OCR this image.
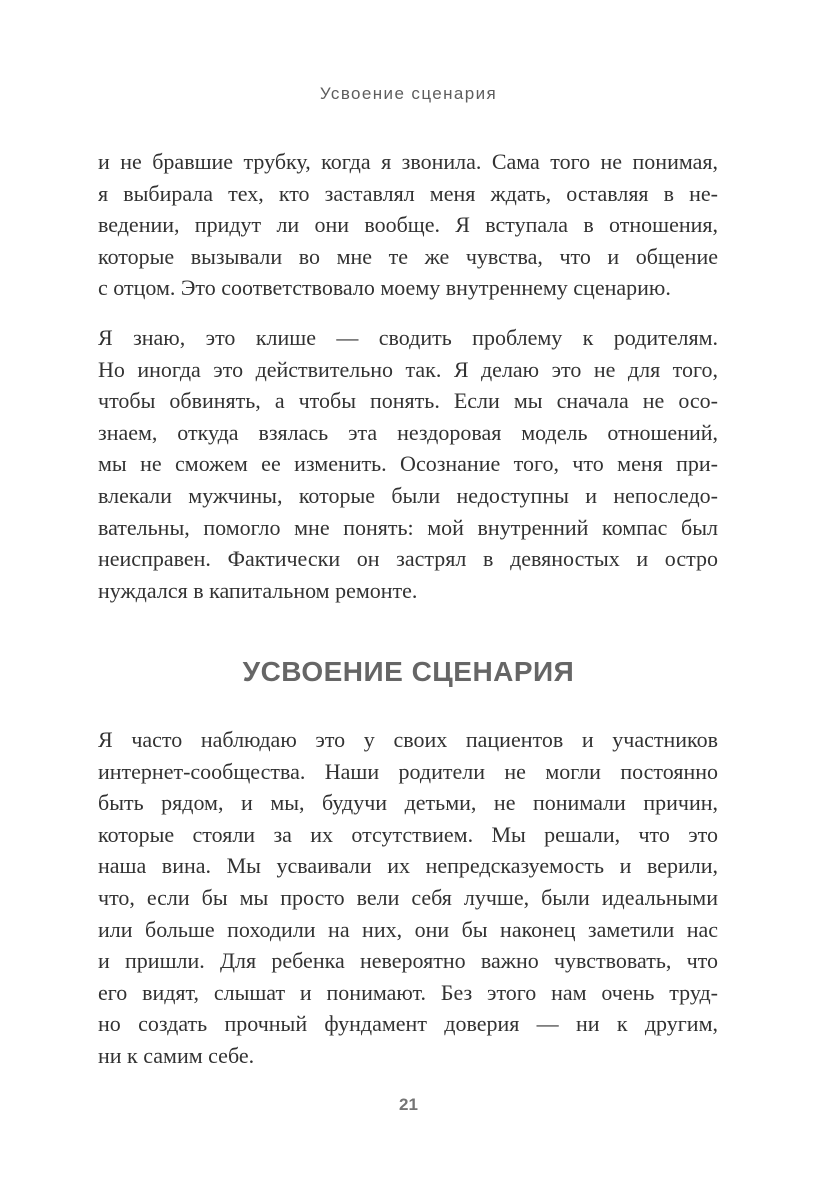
Усвоение сценария
и не бравшие трубку, когда я звонила. Сама того не понимая,
я выбирала тех, кто заставлял меня ждать, оставляя в не-
ведении, придут ли они вообще. Я вступала в отношения,
которые вызывали во мне те же чувства, что и общение
с отцом. Это соответствовало моему внутреннему сценарию.
Я знаю, это клише — сводить проблему к родителям.
Но иногда это действительно так. Я делаю это не для того,
чтобы обвинять, а чтобы понять. Если мы сначала не осо-
знаем, откуда взялась эта нездоровая модель отношений,
мы не сможем ее изменить. Осознание того, что меня при-
влекали мужчины, которые были недоступны и непоследо-
вательны, помогло мне понять: мой внутренний компас был
неисправен. Фактически он застрял в девяностых и остро
нуждался в капитальном ремонте.
УСВОЕНИЕ СЦЕНАРИЯ
Я часто наблюдаю это у своих пациентов и участников
интернет-сообщества. Наши родители не могли постоянно
быть рядом, и мы, будучи детьми, не понимали причин,
которые стояли за их отсутствием. Мы решали, что это
наша вина. Мы усваивали их непредсказуемость и верили,
что, если бы мы просто вели себя лучше, были идеальными
или больше походили на них, они бы наконец заметили нас
и пришли. Для ребенка невероятно важно чувствовать, что
его видят, слышат и понимают. Без этого нам очень труд-
но создать прочный фундамент доверия — ни к другим,
ни к самим себе.
21
